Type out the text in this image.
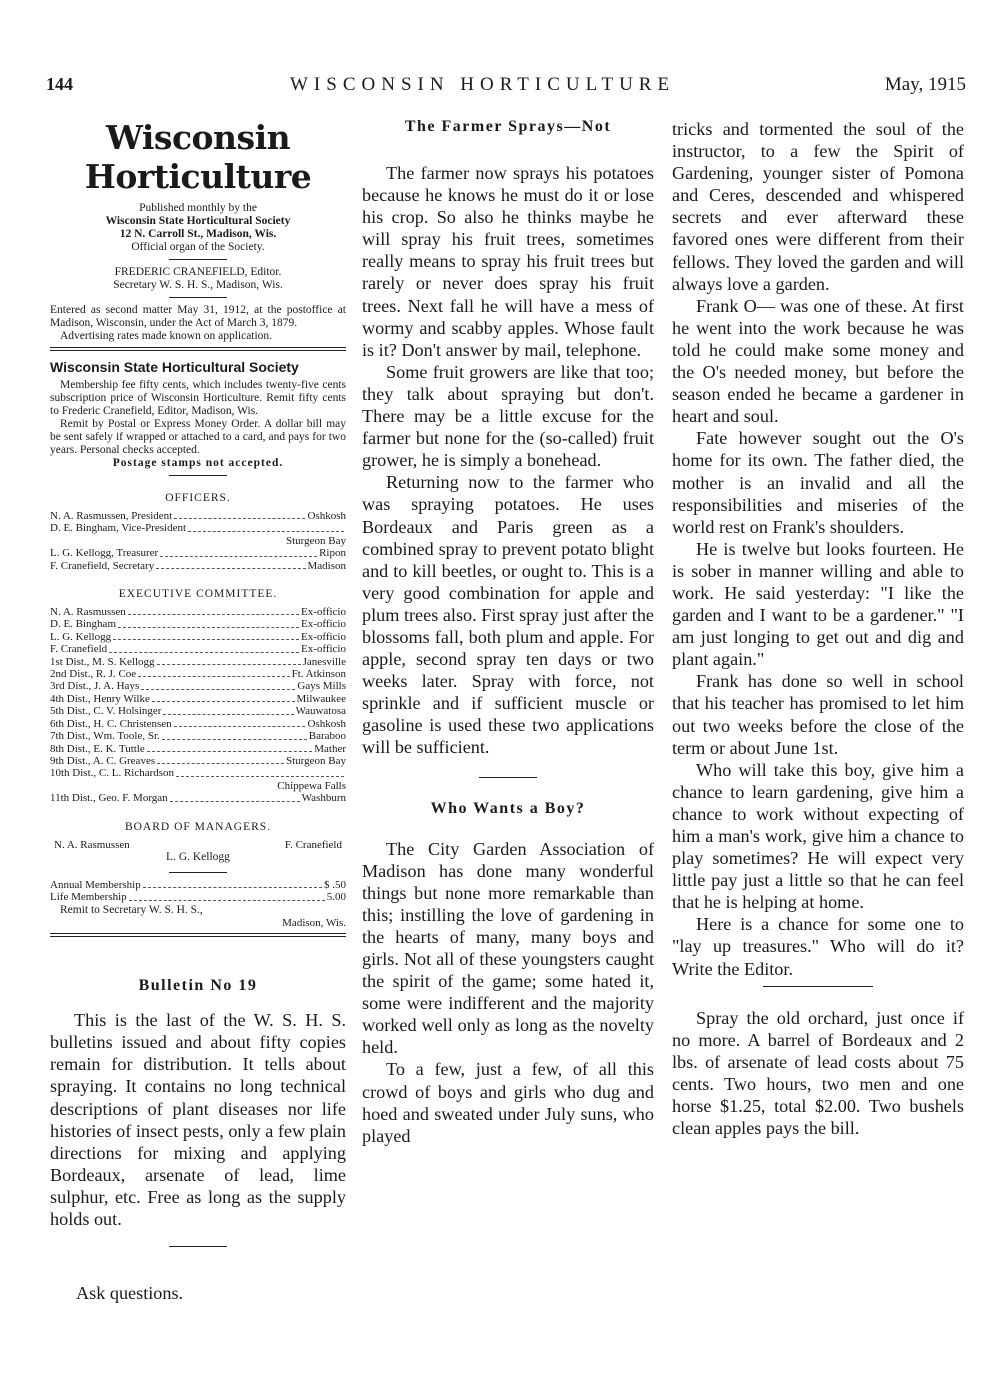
144	WISCONSIN HORTICULTURE	May, 1915
Wisconsin Horticulture
Published monthly by the
Wisconsin State Horticultural Society
12 N. Carroll St., Madison, Wis.
Official organ of the Society.
FREDERIC CRANEFIELD, Editor.
Secretary W. S. H. S., Madison, Wis.
Entered as second matter May 31, 1912, at the postoffice at Madison, Wisconsin, under the Act of March 3, 1879.
Advertising rates made known on application.
Wisconsin State Horticultural Society
Membership fee fifty cents, which includes twenty-five cents subscription price of Wisconsin Horticulture. Remit fifty cents to Frederic Cranefield, Editor, Madison, Wis.
Remit by Postal or Express Money Order. A dollar bill may be sent safely if wrapped or attached to a card, and pays for two years. Personal checks accepted.
Postage stamps not accepted.
OFFICERS.
N. A. Rasmussen, President	Oshkosh
D. E. Bingham, Vice-President
Sturgeon Bay
L. G. Kellogg, Treasurer	Ripon
F. Cranefield, Secretary	Madison
EXECUTIVE COMMITTEE.
N. A. Rasmussen	Ex-officio
D. E. Bingham	Ex-officio
L. G. Kellogg	Ex-officio
F. Cranefield	Ex-officio
1st Dist., M. S. Kellogg	Janesville
2nd Dist., R. J. Coe	Ft. Atkinson
3rd Dist., J. A. Hays	Gays Mills
4th Dist., Henry Wilke	Milwaukee
5th Dist., C. V. Holsinger	Wauwatosa
6th Dist., H. C. Christensen	Oshkosh
7th Dist., Wm. Toole, Sr.	Baraboo
8th Dist., E. K. Tuttle	Mather
9th Dist., A. C. Greaves	Sturgeon Bay
10th Dist., C. L. Richardson
Chippewa Falls
11th Dist., Geo. F. Morgan	Washburn
BOARD OF MANAGERS.
N. A. Rasmussen	F. Cranefield
L. G. Kellogg
Annual Membership	$ .50
Life Membership	5.00
Remit to Secretary W. S. H. S.,
Madison, Wis.
Bulletin No 19

This is the last of the W. S. H. S. bulletins issued and about fifty copies remain for distribution. It tells about spraying. It contains no long technical descriptions of plant diseases nor life histories of insect pests, only a few plain directions for mixing and applying Bordeaux, arsenate of lead, lime sulphur, etc. Free as long as the supply holds out.

Ask questions.
The Farmer Sprays—Not

The farmer now sprays his potatoes because he knows he must do it or lose his crop. So also he thinks maybe he will spray his fruit trees, sometimes really means to spray his fruit trees but rarely or never does spray his fruit trees. Next fall he will have a mess of wormy and scabby apples. Whose fault is it? Don't answer by mail, telephone.

Some fruit growers are like that too; they talk about spraying but don't. There may be a little excuse for the farmer but none for the (so-called) fruit grower, he is simply a bonehead.

Returning now to the farmer who was spraying potatoes. He uses Bordeaux and Paris green as a combined spray to prevent potato blight and to kill beetles, or ought to. This is a very good combination for apple and plum trees also. First spray just after the blossoms fall, both plum and apple. For apple, second spray ten days or two weeks later. Spray with force, not sprinkle and if sufficient muscle or gasoline is used these two applications will be sufficient.

Who Wants a Boy?

The City Garden Association of Madison has done many wonderful things but none more remarkable than this; instilling the love of gardening in the hearts of many, many boys and girls. Not all of these youngsters caught the spirit of the game; some hated it, some were indifferent and the majority worked well only as long as the novelty held.

To a few, just a few, of all this crowd of boys and girls who dug and hoed and sweated under July suns, who played

tricks and tormented the soul of the instructor, to a few the Spirit of Gardening, younger sister of Pomona and Ceres, descended and whispered secrets and ever afterward these favored ones were different from their fellows. They loved the garden and will always love a garden.

Frank O— was one of these. At first he went into the work because he was told he could make some money and the O's needed money, but before the season ended he became a gardener in heart and soul.

Fate however sought out the O's home for its own. The father died, the mother is an invalid and all the responsibilities and miseries of the world rest on Frank's shoulders.

He is twelve but looks fourteen. He is sober in manner willing and able to work. He said yesterday: "I like the garden and I want to be a gardener." "I am just longing to get out and dig and plant again."

Frank has done so well in school that his teacher has promised to let him out two weeks before the close of the term or about June 1st.

Who will take this boy, give him a chance to learn gardening, give him a chance to work without expecting of him a man's work, give him a chance to play sometimes? He will expect very little pay just a little so that he can feel that he is helping at home.

Here is a chance for some one to "lay up treasures." Who will do it? Write the Editor.

Spray the old orchard, just once if no more. A barrel of Bordeaux and 2 lbs. of arsenate of lead costs about 75 cents. Two hours, two men and one horse $1.25, total $2.00. Two bushels clean apples pays the bill.
